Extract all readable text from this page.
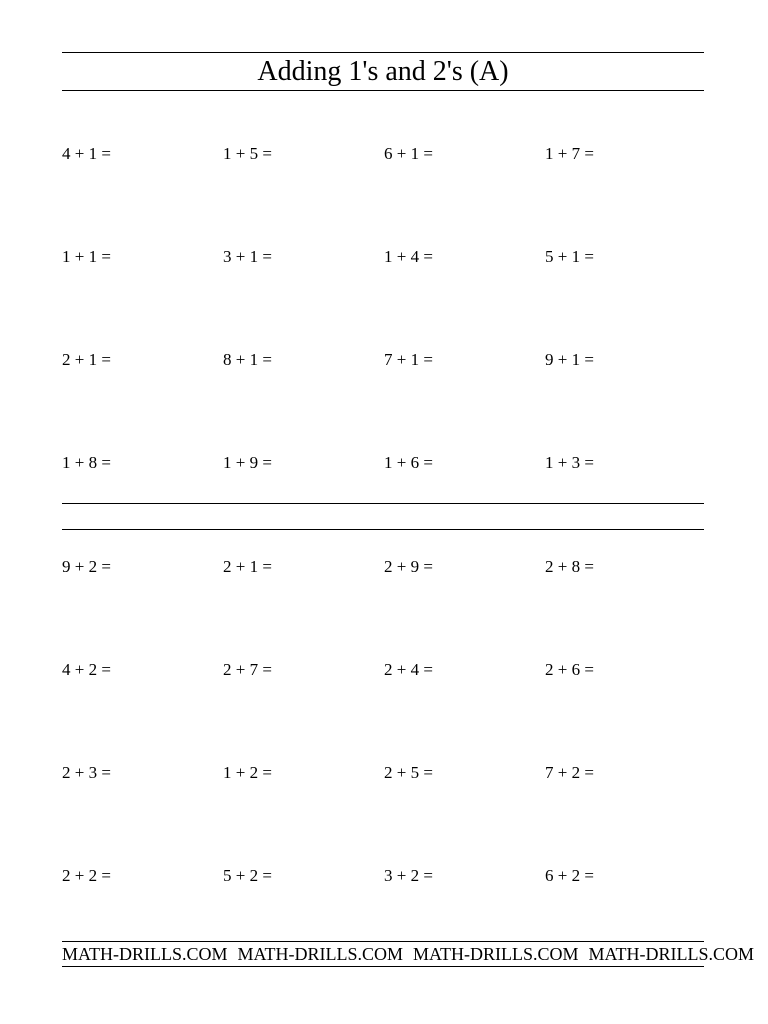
Adding 1's and 2's (A)
4 + 1 =	1 + 5 =	6 + 1 =	1 + 7 =
1 + 1 =	3 + 1 =	1 + 4 =	5 + 1 =
2 + 1 =	8 + 1 =	7 + 1 =	9 + 1 =
1 + 8 =	1 + 9 =	1 + 6 =	1 + 3 =
9 + 2 =	2 + 1 =	2 + 9 =	2 + 8 =
4 + 2 =	2 + 7 =	2 + 4 =	2 + 6 =
2 + 3 =	1 + 2 =	2 + 5 =	7 + 2 =
2 + 2 =	5 + 2 =	3 + 2 =	6 + 2 =
MATH-DRILLS.COM MATH-DRILLS.COM MATH-DRILLS.COM MATH-DRILLS.COM
